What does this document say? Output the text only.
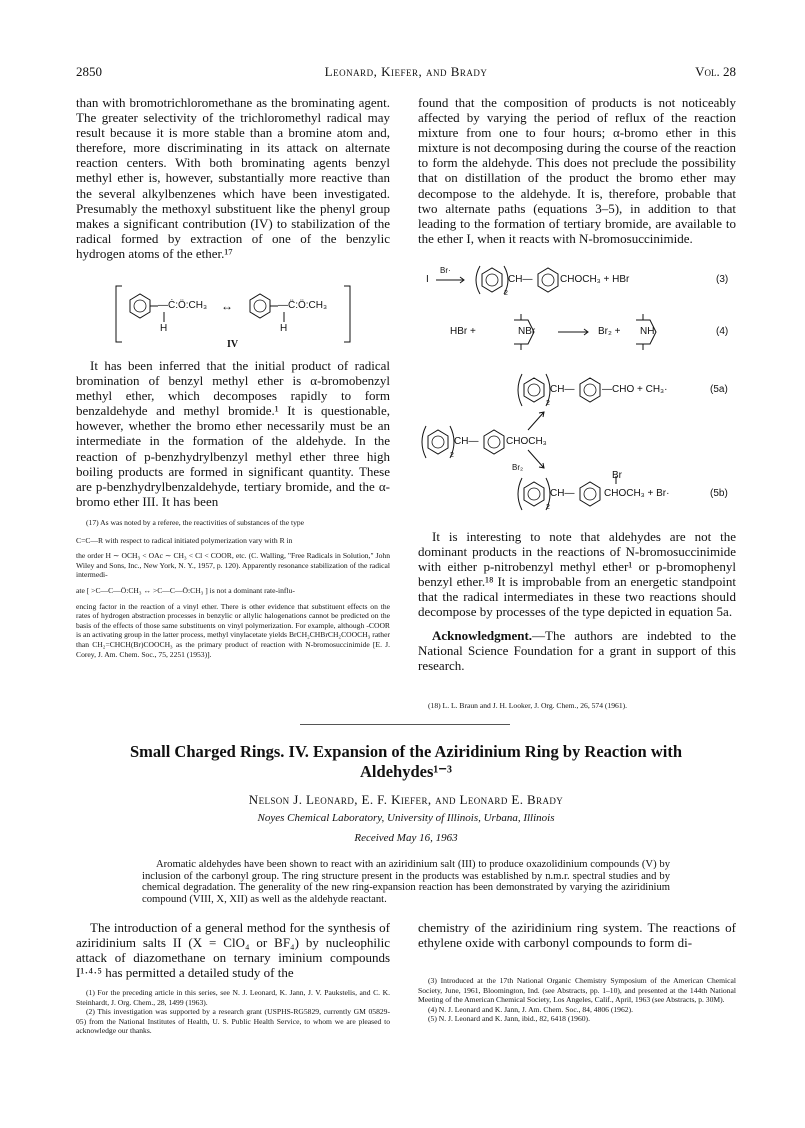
2850	Leonard, Kiefer, and Brady	Vol. 28

than with bromotrichloromethane as the brominating agent. The greater selectivity of the trichloromethyl radical may result because it is more stable than a bromine atom and, therefore, more discriminating in its attack on alternate reaction centers. With both brominating agents benzyl methyl ether is, however, substantially more reactive than the several alkylbenzenes which have been investigated. Presumably the methoxyl substituent like the phenyl group makes a significant contribution (IV) to stabilization of the radical formed by extraction of one of the benzylic hydrogen atoms of the ether.¹⁷

—Ċ:Ö:CH₃ ↔	—C̈:Ö:CH₃
H	H
IV

It has been inferred that the initial product of radical bromination of benzyl methyl ether is α-bromobenzyl methyl ether, which decomposes rapidly to form benzaldehyde and methyl bromide.¹ It is questionable, however, whether the bromo ether necessarily must be an intermediate in the formation of the aldehyde. In the reaction of p-benzhydrylbenzyl methyl ether three high boiling products are formed in significant quantity. These are p-benzhydrylbenzaldehyde, tertiary bromide, and the α-bromo ether III. It has been

(17) As was noted by a referee, the reactivities of substances of the type

C=C—R with respect to radical initiated polymerization vary with R in

the order H ∼ OCH₃ < OAc ∼ CH₃ < Cl < COOR, etc. (C. Walling, "Free Radicals in Solution," John Wiley and Sons, Inc., New York, N. Y., 1957, p. 120). Apparently resonance stabilization of the radical intermedi-

ate [ >C—C—Ö:CH₃ ↔ >C—C—Ö:CH₃ ] is not a dominant rate-influ-

encing factor in the reaction of a vinyl ether. There is other evidence that substituent effects on the rates of hydrogen abstraction processes in benzylic or allylic halogenations cannot be predicted on the basis of the effects of those same substituents on vinyl polymerization. For example, although -COOR is an activating group in the latter process, methyl vinylacetate yields BrCH₂CHBrCH₂COOCH₃ rather than CH₂=CHCH(Br)COOCH₃ as the primary product of reaction with N-bromosuccinimide [E. J. Corey, J. Am. Chem. Soc., 75, 2251 (1953)].

found that the composition of products is not noticeably affected by varying the period of reflux of the reaction mixture from one to four hours; α-bromo ether in this mixture is not decomposing during the course of the reaction to form the aldehyde. This does not preclude the possibility that on distillation of the product the bromo ether may decompose to the aldehyde. It is, therefore, probable that two alternate paths (equations 3–5), in addition to that leading to the formation of tertiary bromide, are available to the ether I, when it reacts with N-bromosuccinimide.

I
Br·
CH—
2
CHOCH₃ + HBr	(3)
HBr +	NBr	Br₂ + NH	(4)
CH—
2
—CHO + CH₃·	(5a)
CH—
2
CHOCH₃
Br₂
Br
CH—
2
CHOCH₃ + Br·	(5b)

It is interesting to note that aldehydes are not the dominant products in the reactions of N-bromosuccinimide with either p-nitrobenzyl methyl ether¹ or p-bromophenyl benzyl ether.¹⁸ It is improbable from an energetic standpoint that the radical intermediates in these two reactions should decompose by processes of the type depicted in equation 5a.

Acknowledgment.—The authors are indebted to the National Science Foundation for a grant in support of this research.

(18) L. L. Braun and J. H. Looker, J. Org. Chem., 26, 574 (1961).

Small Charged Rings. IV. Expansion of the Aziridinium Ring by Reaction with
Aldehydes¹⁻³
Nelson J. Leonard, E. F. Kiefer, and Leonard E. Brady
Noyes Chemical Laboratory, University of Illinois, Urbana, Illinois
Received May 16, 1963

Aromatic aldehydes have been shown to react with an aziridinium salt (III) to produce oxazolidinium compounds (V) by inclusion of the carbonyl group. The ring structure present in the products was established by n.m.r. spectral studies and by chemical degradation. The generality of the new ring-expansion reaction has been demonstrated by varying the aziridinium compound (VIII, X, XII) as well as the aldehyde reactant.

The introduction of a general method for the synthesis of aziridinium salts II (X = ClO₄ or BF₄) by nucleophilic attack of diazomethane on ternary iminium compounds I¹·⁴·⁵ has permitted a detailed study of the

chemistry of the aziridinium ring system. The reactions of ethylene oxide with carbonyl compounds to form di-

(1) For the preceding article in this series, see N. J. Leonard, K. Jann, J. V. Paukstelis, and C. K. Steinhardt, J. Org. Chem., 28, 1499 (1963).

(2) This investigation was supported by a research grant (USPHS-RG5829, currently GM 05829-05) from the National Institutes of Health, U. S. Public Health Service, to whom we are pleased to acknowledge our thanks.

(3) Introduced at the 17th National Organic Chemistry Symposium of the American Chemical Society, June, 1961, Bloomington, Ind. (see Abstracts, pp. 1–10), and presented at the 144th National Meeting of the American Chemical Society, Los Angeles, Calif., April, 1963 (see Abstracts, p. 30M).

(4) N. J. Leonard and K. Jann, J. Am. Chem. Soc., 84, 4806 (1962).

(5) N. J. Leonard and K. Jann, ibid., 82, 6418 (1960).
